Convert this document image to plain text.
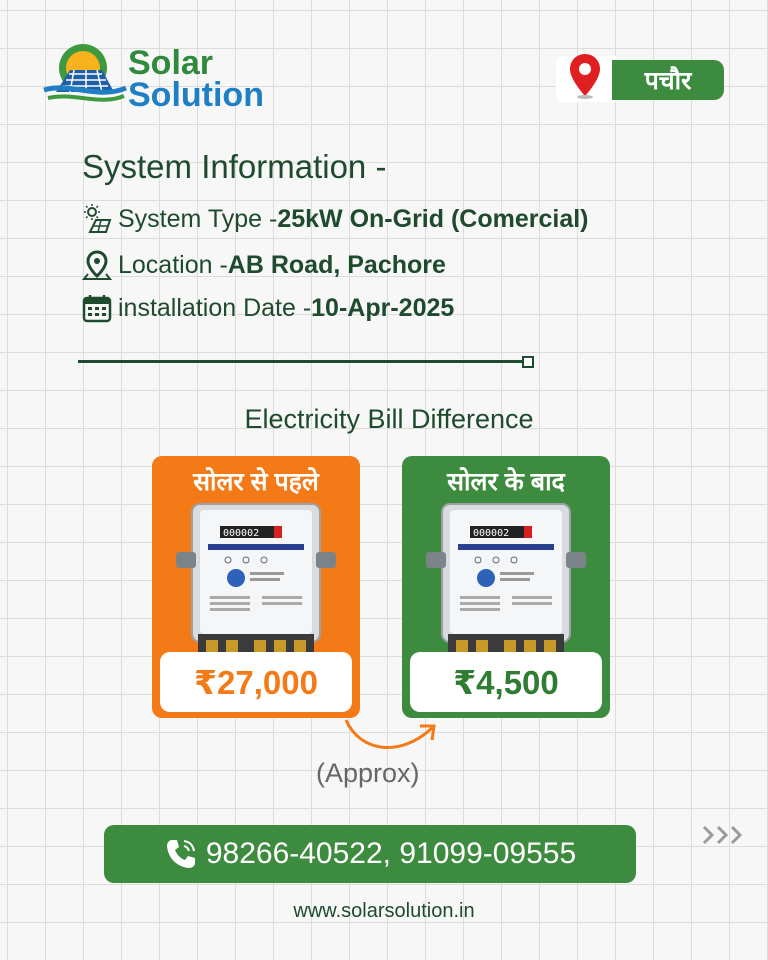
Solar
Solution	पचौर
System Information -
System Type - 25kW On-Grid (Comercial)
Location - AB Road, Pachore
installation Date - 10-Apr-2025
Electricity Bill Difference
सोलर से पहले
000002
₹27,000
सोलर के बाद
000002
₹4,500
(Approx)
98266-40522, 91099-09555
www.solarsolution.in
